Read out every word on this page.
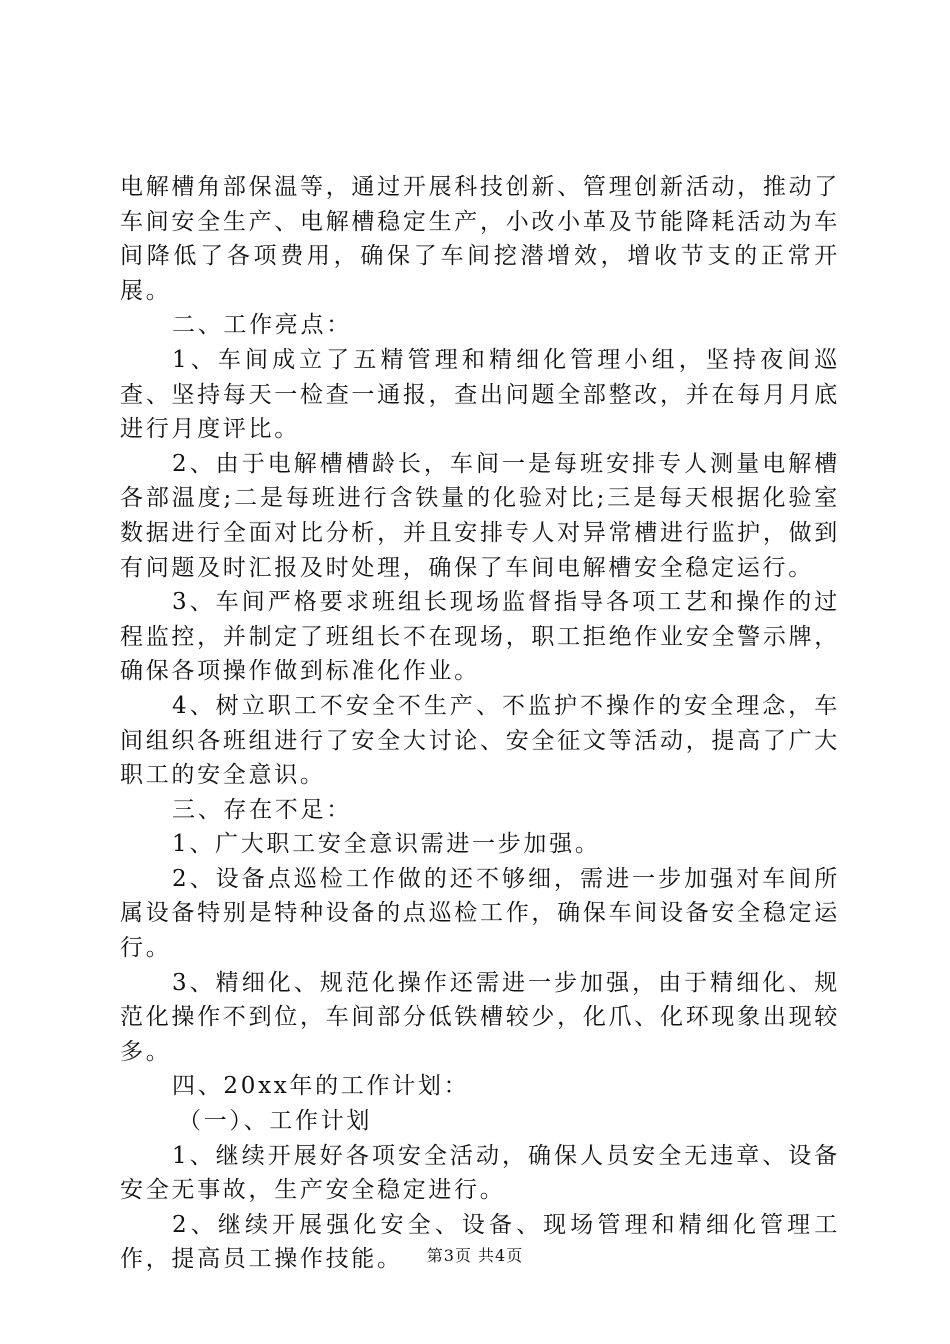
电解槽角部保温等，通过开展科技创新、管理创新活动，推动了车间安全生产、电解槽稳定生产，小改小革及节能降耗活动为车间降低了各项费用，确保了车间挖潜增效，增收节支的正常开展。

二、工作亮点：

1、车间成立了五精管理和精细化管理小组，坚持夜间巡查、坚持每天一检查一通报，查出问题全部整改，并在每月月底进行月度评比。

2、由于电解槽槽龄长，车间一是每班安排专人测量电解槽各部温度;二是每班进行含铁量的化验对比;三是每天根据化验室数据进行全面对比分析，并且安排专人对异常槽进行监护，做到有问题及时汇报及时处理，确保了车间电解槽安全稳定运行。

3、车间严格要求班组长现场监督指导各项工艺和操作的过程监控，并制定了班组长不在现场，职工拒绝作业安全警示牌，确保各项操作做到标准化作业。

4、树立职工不安全不生产、不监护不操作的安全理念，车间组织各班组进行了安全大讨论、安全征文等活动，提高了广大职工的安全意识。

三、存在不足：

1、广大职工安全意识需进一步加强。

2、设备点巡检工作做的还不够细，需进一步加强对车间所属设备特别是特种设备的点巡检工作，确保车间设备安全稳定运行。

3、精细化、规范化操作还需进一步加强，由于精细化、规范化操作不到位，车间部分低铁槽较少，化爪、化环现象出现较多。

四、20xx年的工作计划：

（一）、工作计划

1、继续开展好各项安全活动，确保人员安全无违章、设备安全无事故，生产安全稳定进行。

2、继续开展强化安全、设备、现场管理和精细化管理工作，提高员工操作技能。	第3页 共4页
